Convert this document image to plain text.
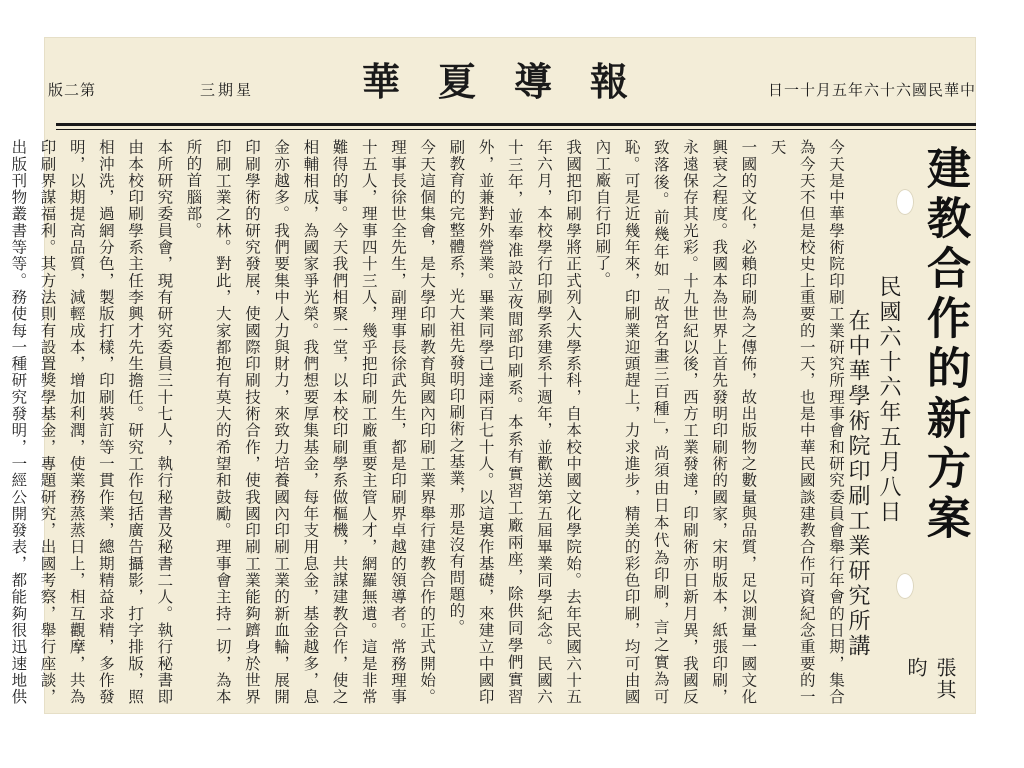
版二第	三期星	華夏導報	日一十月五年六十六國民華中
建教合作的新方案
民國六十六年五月八日
在中華學術院印刷工業研究所講
張其昀

今天是中華學術院印刷工業研究所理事會和研究委員會舉行年會的日期，集合為今天不但是校史上重要的一天，也是中華民國談建教合作可資紀念重要的一天

一國的文化，必賴印刷為之傳佈，故出版物之數量與品質，足以測量一國文化興衰之程度。我國本為世界上首先發明印刷術的國家，宋明版本，紙張印刷，永遠保存其光彩。十九世紀以後，西方工業發達，印刷術亦日新月異，我國反致落後。前幾年如「故宮名畫三百種」，尚須由日本代為印刷，言之實為可恥。可是近幾年來，印刷業迎頭趕上，力求進步，精美的彩色印刷，均可由國內工廠自行印刷了。

我國把印刷學將正式列入大學系科，自本校中國文化學院始。去年民國六十五年六月，本校學行印刷學系建系十週年，並歡送第五屆畢業同學紀念。民國六十三年，並奉准設立夜間部印刷系。本系有實習工廠兩座，除供同學們實習外，並兼對外營業。畢業同學已達兩百七十人。以這裏作基礎，來建立中國印刷教育的完整體系，光大祖先發明印刷術之基業，那是沒有問題的。

今天這個集會，是大學印刷教育與國內印刷工業界舉行建教合作的正式開始。理事長徐世全先生，副理事長徐武先生，都是印刷界卓越的領導者。常務理事十五人，理事四十三人，幾乎把印刷工廠重要主管人才，網羅無遺。這是非常難得的事。今天我們相聚一堂，以本校印刷學系做樞機，共謀建教合作，使之相輔相成，為國家爭光榮。我們想要厚集基金，每年支用息金，基金越多，息金亦越多。我們要集中人力與財力，來致力培養國內印刷工業的新血輪，展開印刷學術的研究發展，使國際印刷技術合作，使我國印刷工業能夠躋身於世界印刷工業之林。對此，大家都抱有莫大的希望和鼓勵。理事會主持一切，為本所的首腦部。

本所研究委員會，現有研究委員三十七人，執行秘書及秘書二人。執行秘書即由本校印刷學系主任李興才先生擔任。研究工作包括廣告攝影，打字排版，照相沖洗，過網分色，製版打樣，印刷裝訂等一貫作業，總期精益求精，多作發明，以期提高品質，減輕成本，增加利潤，使業務蒸蒸日上，相互觀摩，共為印刷界謀福利。其方法則有設置獎學基金，專題研究，出國考察，舉行座談，出版刊物叢書等等。務使每一種研究發明，一經公開發表，都能夠很迅速地供
